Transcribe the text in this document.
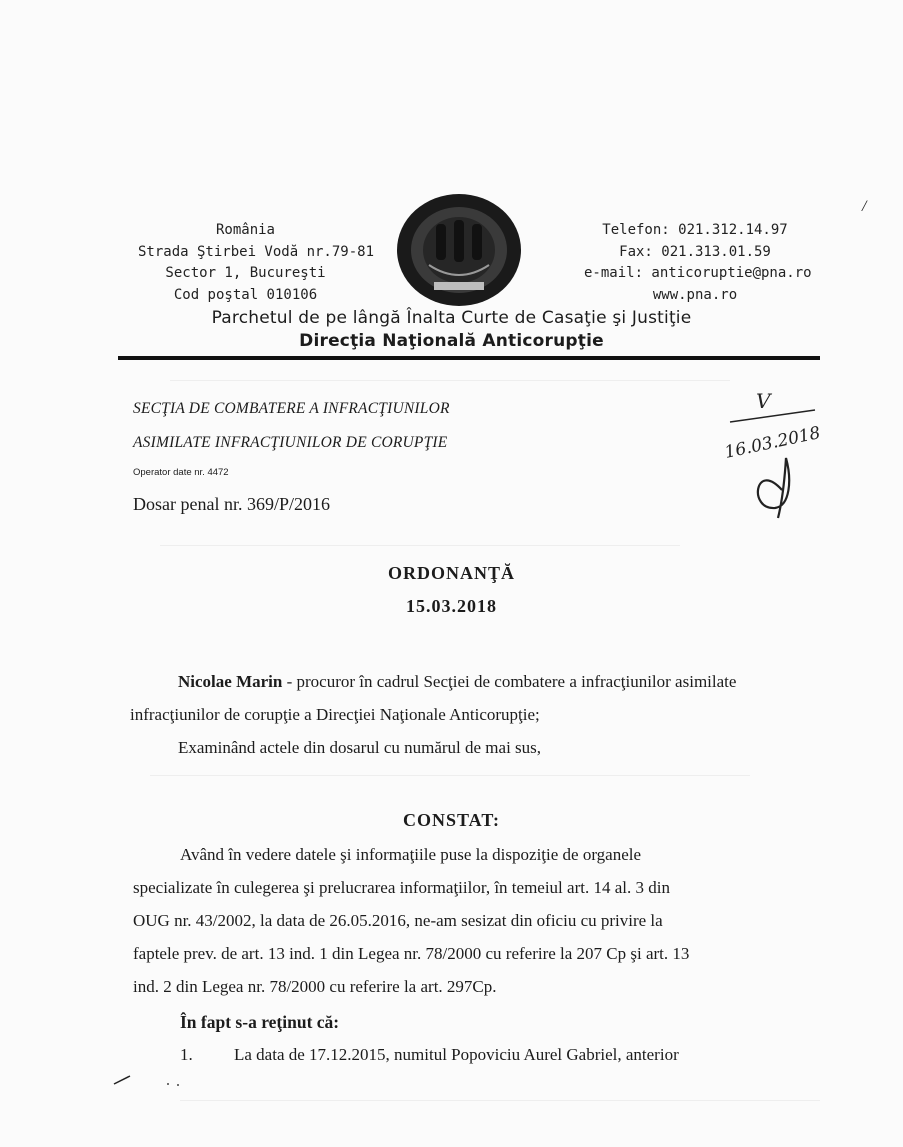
/

România

Strada Ştirbei Vodă nr.79-81

Sector 1, Bucureşti

Cod poştal 010106

Telefon: 021.312.14.97

Fax: 021.313.01.59

e-mail: anticoruptie@pna.ro

www.pna.ro

Parchetul de pe lângă Înalta Curte de Casaţie şi Justiţie

Direcţia Naţională Anticorupţie

SECŢIA DE COMBATERE A INFRACŢIUNILOR

ASIMILATE INFRACŢIUNILOR DE CORUPŢIE

Operator date nr. 4472

Dosar penal nr. 369/P/2016

V
16.03.2018

ORDONANŢĂ

15.03.2018

Nicolae Marin - procuror în cadrul Secţiei de combatere a infracţiunilor asimilate

infracţiunilor de corupţie a Direcţiei Naţionale Anticorupţie;

Examinând actele din dosarul cu numărul de mai sus,

CONSTAT:

Având în vedere datele şi informaţiile puse la dispoziţie de organele

specializate în culegerea şi prelucrarea informaţiilor, în temeiul art. 14 al. 3 din

OUG nr. 43/2002, la data de 26.05.2016, ne-am sesizat din oficiu cu privire la

faptele prev. de art. 13 ind. 1 din Legea nr. 78/2000 cu referire la 207 Cp şi art. 13

ind. 2 din Legea nr. 78/2000 cu referire la art. 297Cp.

În fapt s-a reţinut că:

1. La data de 17.12.2015, numitul Popoviciu Aurel Gabriel, anterior
